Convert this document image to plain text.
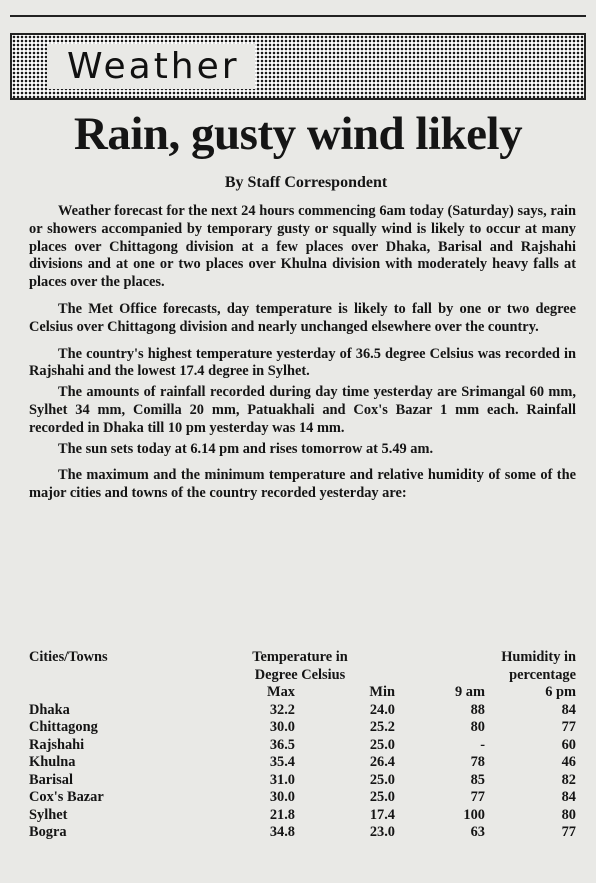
Weather
Rain, gusty wind likely
By Staff Correspondent

Weather forecast for the next 24 hours commencing 6am today (Saturday) says, rain or showers accompanied by temporary gusty or squally wind is likely to occur at many places over Chittagong division at a few places over Dhaka, Barisal and Rajshahi divisions and at one or two places over Khulna division with moderately heavy falls at places over the places.

The Met Office forecasts, day temperature is likely to fall by one or two degree Celsius over Chittagong division and nearly unchanged elsewhere over the country.

The country's highest temperature yesterday of 36.5 degree Celsius was recorded in Rajshahi and the lowest 17.4 degree in Sylhet.

The amounts of rainfall recorded during day time yesterday are Srimangal 60 mm, Sylhet 34 mm, Comilla 20 mm, Patuakhali and Cox's Bazar 1 mm each. Rainfall recorded in Dhaka till 10 pm yesterday was 14 mm.

The sun sets today at 6.14 pm and rises tomorrow at 5.49 am.

The maximum and the minimum temperature and relative humidity of some of the major cities and towns of the country recorded yesterday are:

Cities/Towns	Temperature in		Humidity in	
	Degree Celsius		percentage	
	Max	Min	9 am	6 pm
Dhaka	32.2	24.0	88	84
Chittagong	30.0	25.2	80	77
Rajshahi	36.5	25.0	-	60
Khulna	35.4	26.4	78	46
Barisal	31.0	25.0	85	82
Cox's Bazar	30.0	25.0	77	84
Sylhet	21.8	17.4	100	80
Bogra	34.8	23.0	63	77
